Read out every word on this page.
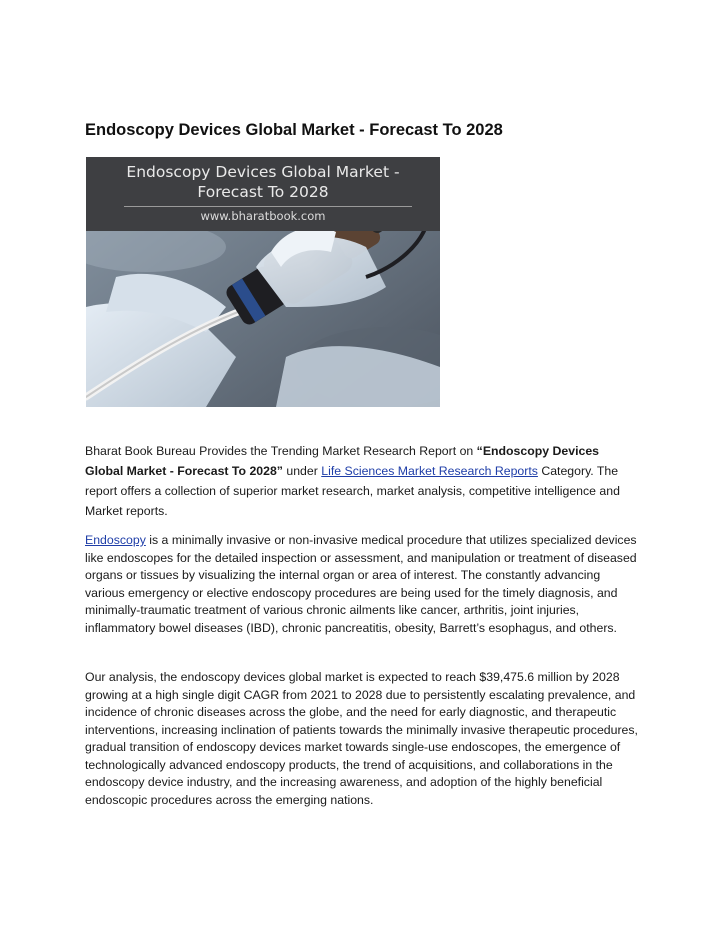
Endoscopy Devices Global Market - Forecast To 2028
Endoscopy Devices Global Market -
Forecast To 2028
www.bharatbook.com

Bharat Book Bureau Provides the Trending Market Research Report on “Endoscopy Devices Global Market - Forecast To 2028” under Life Sciences Market Research Reports Category. The report offers a collection of superior market research, market analysis, competitive intelligence and Market reports.

Endoscopy is a minimally invasive or non-invasive medical procedure that utilizes specialized devices like endoscopes for the detailed inspection or assessment, and manipulation or treatment of diseased organs or tissues by visualizing the internal organ or area of interest. The constantly advancing various emergency or elective endoscopy procedures are being used for the timely diagnosis, and minimally-traumatic treatment of various chronic ailments like cancer, arthritis, joint injuries, inflammatory bowel diseases (IBD), chronic pancreatitis, obesity, Barrett’s esophagus, and others.

Our analysis, the endoscopy devices global market is expected to reach $39,475.6 million by 2028 growing at a high single digit CAGR from 2021 to 2028 due to persistently escalating prevalence, and incidence of chronic diseases across the globe, and the need for early diagnostic, and therapeutic interventions, increasing inclination of patients towards the minimally invasive therapeutic procedures, gradual transition of endoscopy devices market towards single-use endoscopes, the emergence of technologically advanced endoscopy products, the trend of acquisitions, and collaborations in the endoscopy device industry, and the increasing awareness, and adoption of the highly beneficial endoscopic procedures across the emerging nations.
